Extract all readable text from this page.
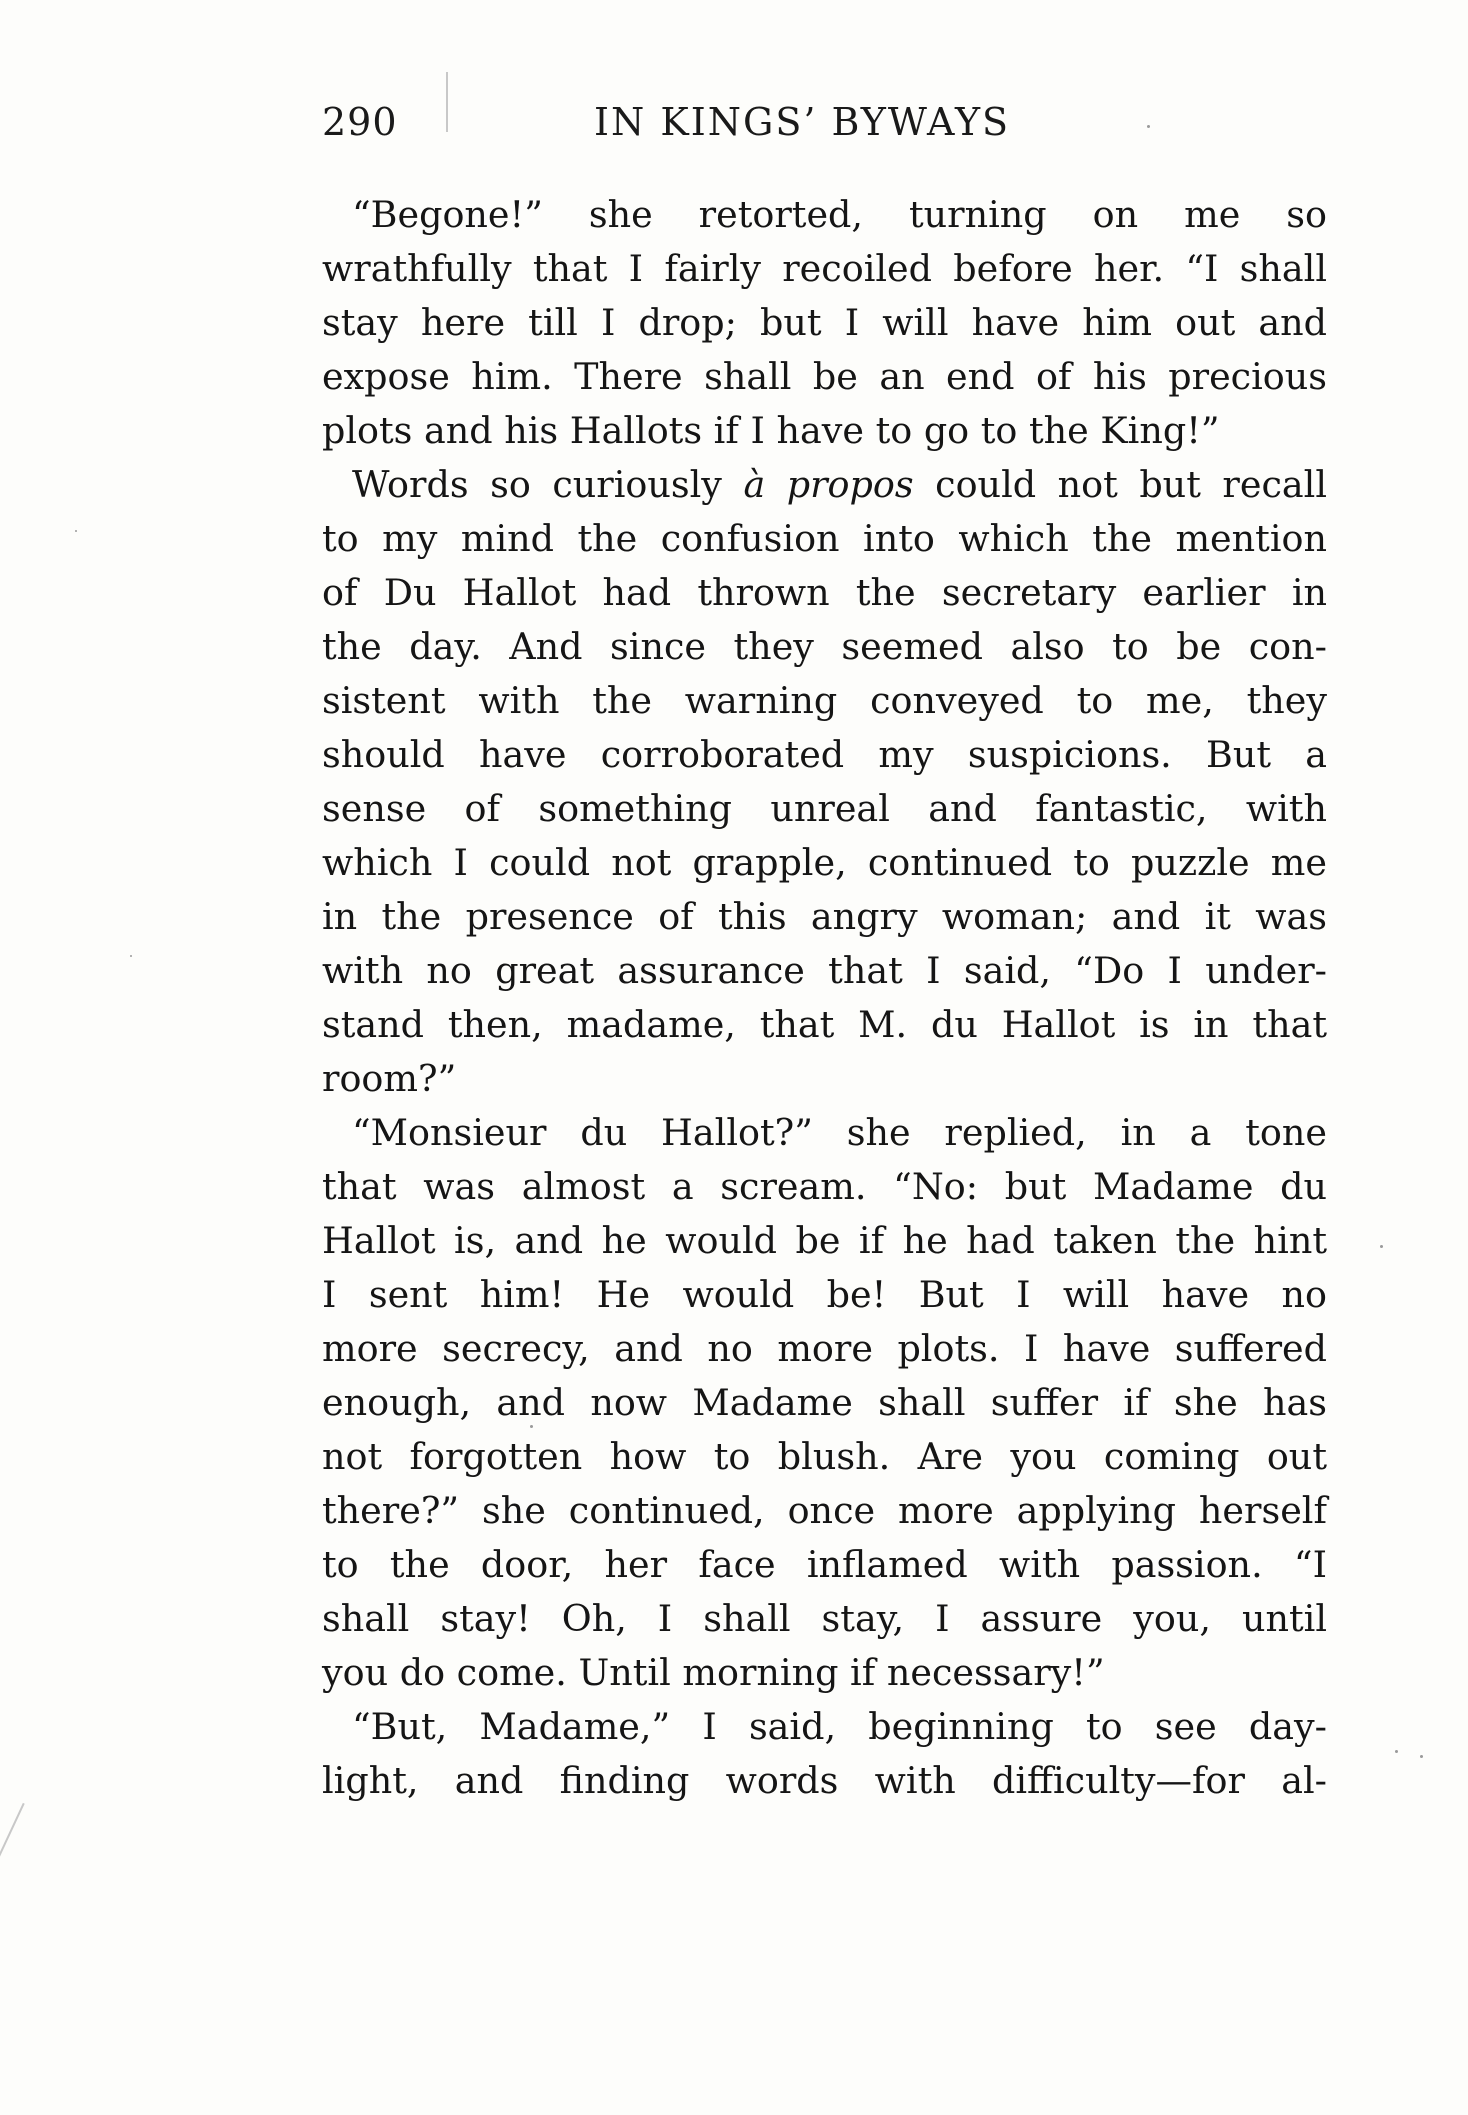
290	IN KINGS’ BYWAYS
“Begone!” she retorted, turning on me so
wrathfully that I fairly recoiled before her. “I shall
stay here till I drop; but I will have him out and
expose him. There shall be an end of his precious
plots and his Hallots if I have to go to the King!”
Words so curiously à propos could not but recall
to my mind the confusion into which the mention
of Du Hallot had thrown the secretary earlier in
the day. And since they seemed also to be con-
sistent with the warning conveyed to me, they
should have corroborated my suspicions. But a
sense of something unreal and fantastic, with
which I could not grapple, continued to puzzle me
in the presence of this angry woman; and it was
with no great assurance that I said, “Do I under-
stand then, madame, that M. du Hallot is in that
room?”
“Monsieur du Hallot?” she replied, in a tone
that was almost a scream. “No: but Madame du
Hallot is, and he would be if he had taken the hint
I sent him! He would be! But I will have no
more secrecy, and no more plots. I have suffered
enough, and now Madame shall suffer if she has
not forgotten how to blush. Are you coming out
there?” she continued, once more applying herself
to the door, her face inflamed with passion. “I
shall stay! Oh, I shall stay, I assure you, until
you do come. Until morning if necessary!”
“But, Madame,” I said, beginning to see day-
light, and finding words with difficulty—for al-
